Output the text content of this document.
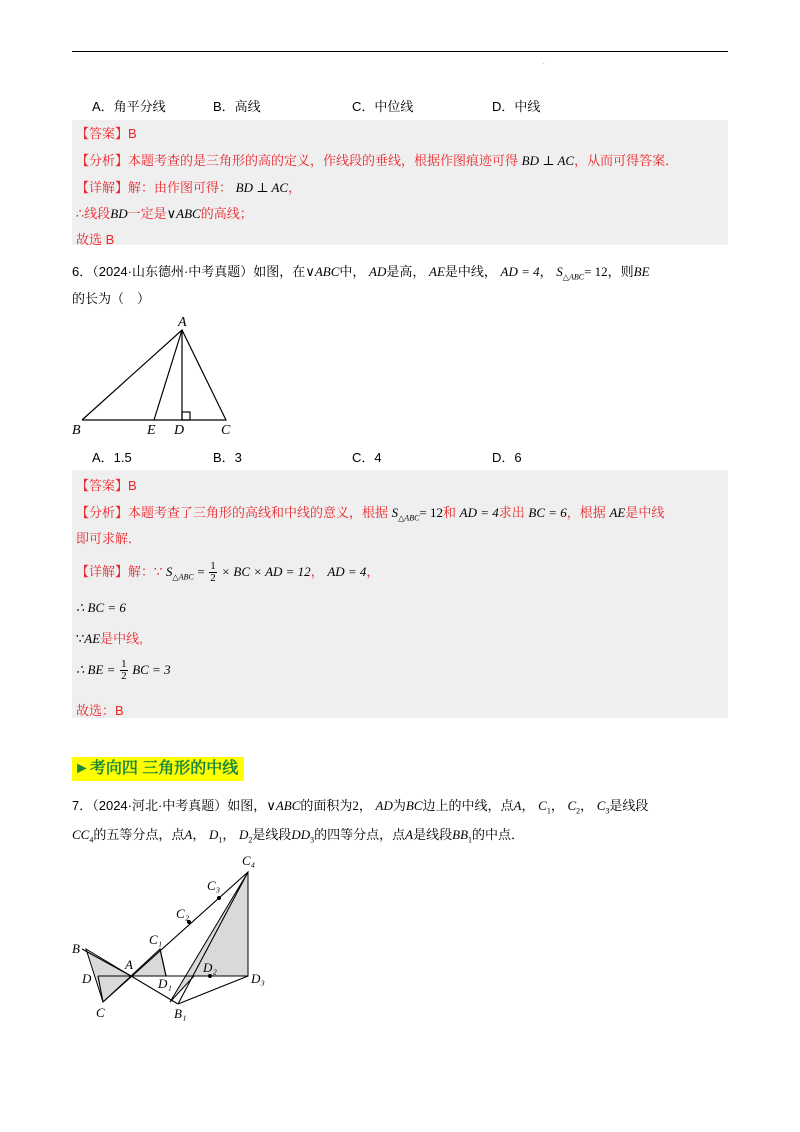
.
A．角平分线	B．高线	C．中位线	D．中线
【答案】B
【分析】本题考查的是三角形的高的定义，作线段的垂线，根据作图痕迹可得 BD ⊥ AC，从而可得答案．
【详解】解：由作图可得： BD ⊥ AC，
∴线段BD一定是∨ABC的高线；
故选 B
6．（2024·山东德州·中考真题）如图，在∨ABC中， AD是高， AE是中线， AD = 4， $S_{\triangle ABC}= 12$，则BE
的长为（　）
A
B	E D	C
A．1.5	B．3	C．4	D．6
【答案】B
【分析】本题考查了三角形的高线和中线的意义，根据 $S_{\triangle ABC}= 12$和 AD = 4求出 BC = 6，根据 AE是中线
即可求解．
【详解】解：∵ $S_{\triangle ABC} = \frac{1}{2}$ × BC × AD = 12， AD = 4，
∴ BC = 6
∵AE是中线,
∴ BE = $\frac{1}{2}$ BC = 3
故选：B
►考向四 三角形的中线
7．（2024·河北·中考真题）如图，∨ABC的面积为2， AD为BC边上的中线，点A， $C_1$， $C_2$， $C_3$是线段
$CC_4$的五等分点，点A， $D_1$， $D_2$是线段$DD_3$的四等分点，点A是线段$BB_1$的中点．
C₄
C₃
C₂
C₁
B
A
D
D₂
D₃
D₁
C	B₁
